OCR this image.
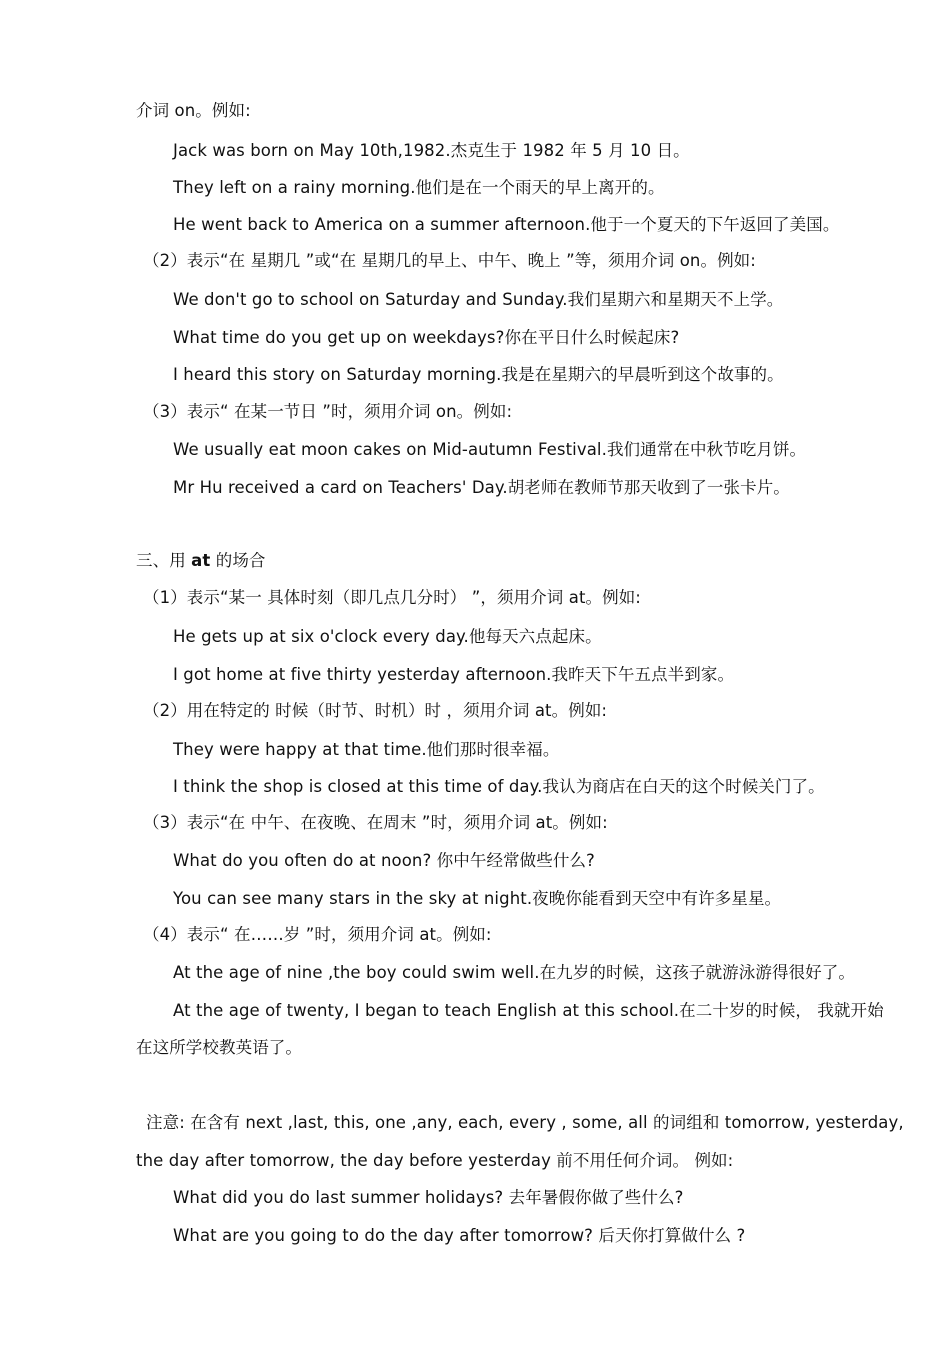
介词 on。例如:
Jack was born on May 10th,1982.杰克生于 1982 年 5 月 10 日。
They left on a rainy morning.他们是在一个雨天的早上离开的。
He went back to America on a summer afternoon.他于一个夏天的下午返回了美国。
（2）表示“在 星期几 ”或“在 星期几的早上、中午、晚上 ”等，须用介词 on。例如:
We don't go to school on Saturday and Sunday.我们星期六和星期天不上学。
What time do you get up on weekdays?你在平日什么时候起床?
I heard this story on Saturday morning.我是在星期六的早晨听到这个故事的。
（3）表示“ 在某一节日 ”时，须用介词 on。例如:
We usually eat moon cakes on Mid-autumn Festival.我们通常在中秋节吃月饼。
Mr Hu received a card on Teachers' Day.胡老师在教师节那天收到了一张卡片。
三、用 at 的场合
（1）表示“某一 具体时刻（即几点几分时） ”，须用介词 at。例如:
He gets up at six o'clock every day.他每天六点起床。
I got home at five thirty yesterday afternoon.我昨天下午五点半到家。
（2）用在特定的 时候（时节、时机）时 ，须用介词 at。例如:
They were happy at that time.他们那时很幸福。
I think the shop is closed at this time of day.我认为商店在白天的这个时候关门了。
（3）表示“在 中午、在夜晚、在周末 ”时，须用介词 at。例如:
What do you often do at noon? 你中午经常做些什么?
You can see many stars in the sky at night.夜晚你能看到天空中有许多星星。
（4）表示“ 在……岁 ”时，须用介词 at。例如:
At the age of nine ,the boy could swim well.在九岁的时候，这孩子就游泳游得很好了。
At the age of twenty, I began to teach English at this school.在二十岁的时候， 我就开始
在这所学校教英语了。
注意: 在含有 next ,last, this, one ,any, each, every , some, all 的词组和 tomorrow, yesterday,
the day after tomorrow, the day before yesterday 前不用任何介词。 例如:
What did you do last summer holidays? 去年暑假你做了些什么?
What are you going to do the day after tomorrow? 后天你打算做什么 ?
